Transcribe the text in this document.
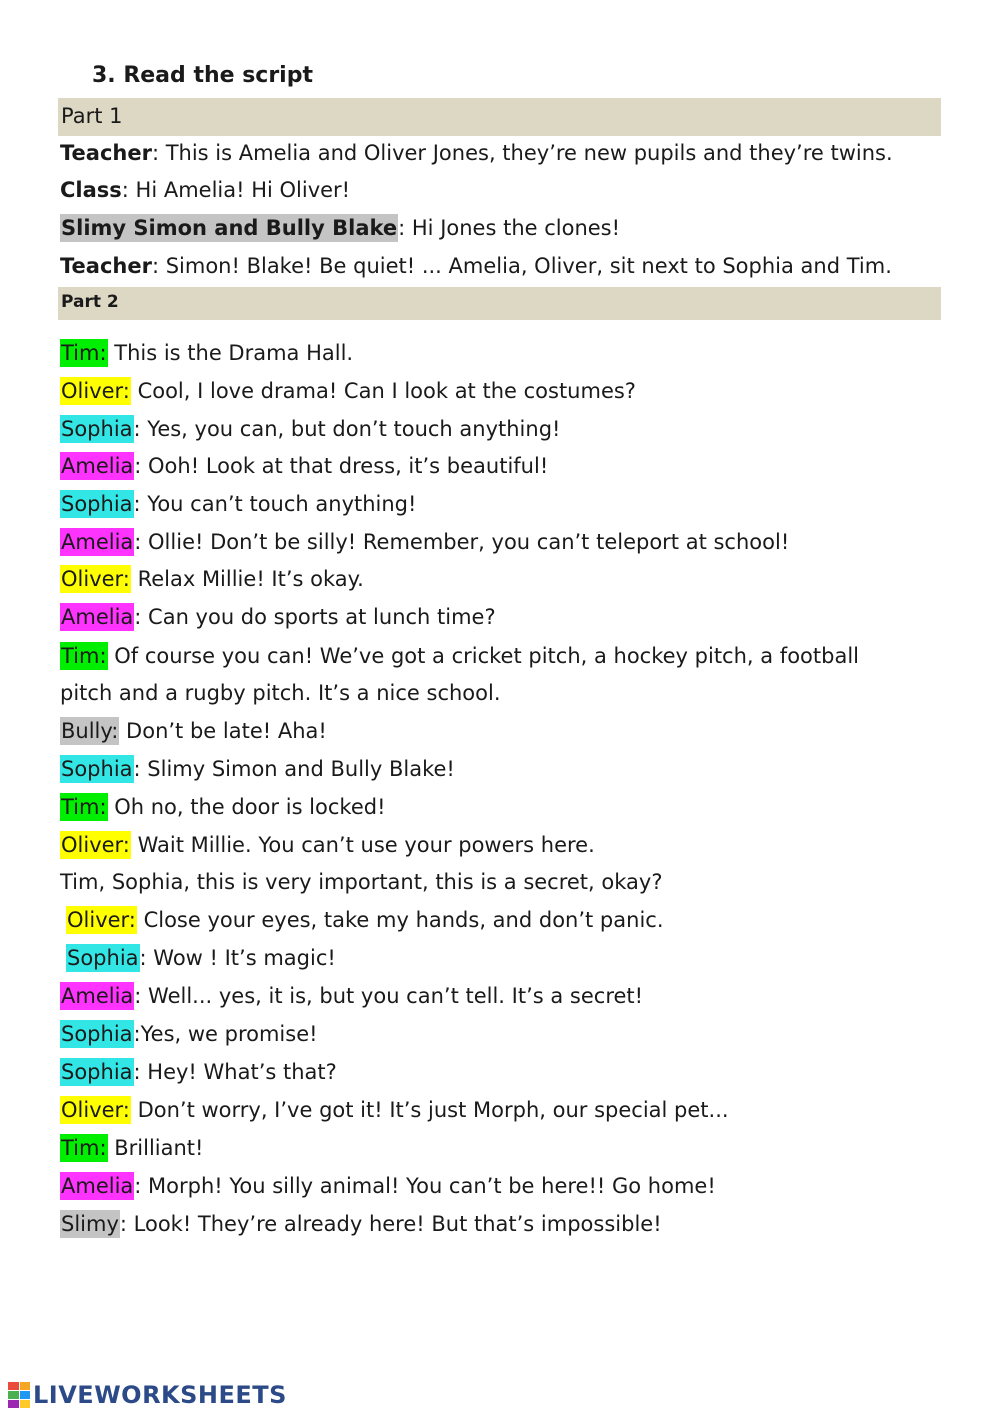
3. Read the script
Part 1
Teacher: This is Amelia and Oliver Jones, they’re new pupils and they’re twins.
Class: Hi Amelia! Hi Oliver!
Slimy Simon and Bully Blake: Hi Jones the clones!
Teacher: Simon! Blake! Be quiet! ... Amelia, Oliver, sit next to Sophia and Tim.
Part 2
Tim: This is the Drama Hall.
Oliver: Cool, I love drama! Can I look at the costumes?
Sophia: Yes, you can, but don’t touch anything!
Amelia: Ooh! Look at that dress, it’s beautiful!
Sophia: You can’t touch anything!
Amelia: Ollie! Don’t be silly! Remember, you can’t teleport at school!
Oliver: Relax Millie! It’s okay.
Amelia: Can you do sports at lunch time?
Tim: Of course you can! We’ve got a cricket pitch, a hockey pitch, a football
pitch and a rugby pitch. It’s a nice school.
Bully: Don’t be late! Aha!
Sophia: Slimy Simon and Bully Blake!
Tim: Oh no, the door is locked!
Oliver: Wait Millie. You can’t use your powers here.
Tim, Sophia, this is very important, this is a secret, okay?
Oliver: Close your eyes, take my hands, and don’t panic.
Sophia: Wow ! It’s magic!
Amelia: Well... yes, it is, but you can’t tell. It’s a secret!
Sophia:Yes, we promise!
Sophia: Hey! What’s that?
Oliver: Don’t worry, I’ve got it! It’s just Morph, our special pet...
Tim: Brilliant!
Amelia: Morph! You silly animal! You can’t be here!! Go home!
Slimy: Look! They’re already here! But that’s impossible!
LIVEWORKSHEETS
